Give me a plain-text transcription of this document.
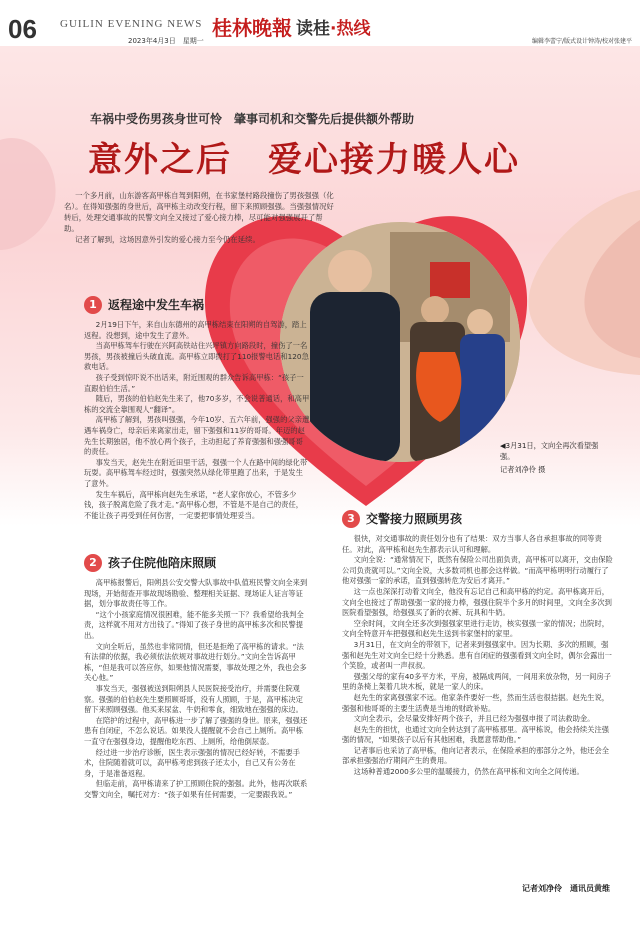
06 GUILIN EVENING NEWS
2023年4月3日　星期一
桂林晚報 读桂·热线
编辑李蕾宁/版式设计钟涛/校对张建平
车祸中受伤男孩身世可怜　肇事司机和交警先后提供额外帮助
意外之后　爱心接力暖人心

一个多月前，山东游客高甲栋自驾到阳朔，在书家堡村路段撞伤了男孩强强（化名）。在得知强强的身世后，高甲栋主动改变行程，留下来照顾强强。当强强情况好转后，处理交通事故的民警文向全又接过了爱心接力棒，尽可能对强强展开了帮助。

记者了解到，这场因意外引发的爱心接力至今仍在延续。

◀3月31日，文向全再次看望强强。
记者刘净伶 摄
1 返程途中发生车祸

2月19日下午，来自山东德州的高甲栋结束在阳朔的自驾游，踏上返程。没想到，途中发生了意外。

当高甲栋驾车行驶在兴阿高铁站住兴坪镇方向路段时，撞伤了一名男孩，男孩被撞后头破血流。高甲栋立即拨打了110报警电话和120急救电话。

孩子受到惊吓说不出话来，附近围观的群众告诉高甲栋：“孩子一直跟伯伯生活。”

随后，男孩的伯伯赵先生来了，他70多岁，不会说普通话，和高甲栋的交流全靠围观人“翻译”。

高甲栋了解到，男孩叫强强，今年10岁、五六年前，强强的父亲遭遇车祸身亡，母亲后来离家出走，留下强强和11岁的哥哥。年迈的赵先生长期独居，他不放心两个孩子，主动担起了养育强强和强强哥哥的责任。

事发当天，赵先生在附近田里干活，强强一个人在路中间的绿化带玩耍。高甲栋驾车经过时，强强突然从绿化带里跑了出来，于是发生了意外。

发生车祸后，高甲栋向赵先生承诺，“老人家你放心，不管多少钱，孩子脱离危险了我才走。”高甲栋心想，不管是不是自己的责任，不能让孩子再受到任何伤害，一定要把事情处理妥当。

2 孩子住院他陪床照顾

高甲栋报警后，阳朔县公安交警大队事故中队值班民警文向全来到现场，开始彻查开事故现场勘验、整理相关证据、现场证人证言等证据，划分事故责任等工作。

“这个小孩家庭情况很困难，能不能多关照一下？我希望给我判全责，这样就不用对方出钱了。”得知了孩子身世的高甲栋多次和民警提出。

文向全听后，虽然也非常同情，但还是拒绝了高甲栋的请求。“法有法律的依据，我必须依法依规对事故进行划分。”文向全告诉高甲栋，“但是我可以答应你，如果他情况需要，事故处理之外，我也会多关心他。”

事发当天，强强被送到阳朔县人民医院接受治疗，并需要住院观察。强强的伯伯赵先生要照顾哥哥，没有人照顾，于是，高甲栋决定留下来照顾强强。他买来尿盆、牛奶和零食，细致地在强强的床边。

在陪护的过程中，高甲栋进一步了解了强强的身世。原来，强强还患有自闭症，不怎么说话。如果没人提醒就不会自己上厕所。高甲栋一直守在强强身边，提醒他吃东西、上厕所，给他倒尿壶。

经过进一步治疗诊断，医生表示强强的情况已经好转，不需要手术，住院随着就可以，高甲栋考虑到孩子还太小，自己又有公务在身，于是准备返程。

但临走前，高甲栋请来了护工照顾住院的强强。此外，他再次联系交警文向全，嘱托对方：“孩子如果有任何需要，一定要跟我说。”

3 交警接力照顾男孩

很快，对交通事故的责任划分也有了结果：双方当事人各自承担事故的同等责任。对此，高甲栋和赵先生都表示认可和理解。

文向全说：“通常情况下，既然有保险公司出面负责，高甲栋可以离开，交由保险公司负责就可以。”文向全说，大多数司机也都会这样做。“而高甲栋明明行动履行了他对强强一家的承诺，直到强强转危为安后才离开。”

这一点也深深打动着文向全，他没有忘记自己和高甲栋的约定。高甲栋离开后，文向全也接过了帮助强强一家的接力棒，强强住院半个多月的时间里，文向全多次到医院看望强强，给强强买了新的衣裤、玩具和牛奶。

空余时间，文向全还多次到强强家里进行走访，核实强强一家的情况；出院时，文向全特意开车把强强和赵先生送到书家堡村的家里。

3月31日，在文向全的带领下，记者来到强强家中。因为长期、多次的照顾，强强和赵先生对文向全已经十分熟悉。患有自闭症的强强看到文向全时，偶尔会露出一个笑脸，或者叫一声叔叔。

强强父母的家有40多平方米，平房，被隔成两间，一间用来放杂物，另一间房子里的条椅上架着几块木板，就是一家人的床。

赵先生的家离强强家不远。他家条件要好一些，然而生活也很拮据。赵先生说，强强和他哥哥的主要生活费是当地的财政补贴。

文向全表示，会尽量安排好两个孩子，并且已经为强强申报了司法救助金。

赵先生的担忧，也通过文向全转达到了高甲栋那里。高甲栋说，他会持续关注强强的情况，“如果孩子以后有其他困难，我愿意帮助他。”

记者事后也采访了高甲栋，他向记者表示，在保险承担的那部分之外，他还会全部承担强强治疗期间产生的费用。

这场种普通2000多公里的温暖接力，仍然在高甲栋和文向全之间传递。

记者刘净伶　通讯员黄维
